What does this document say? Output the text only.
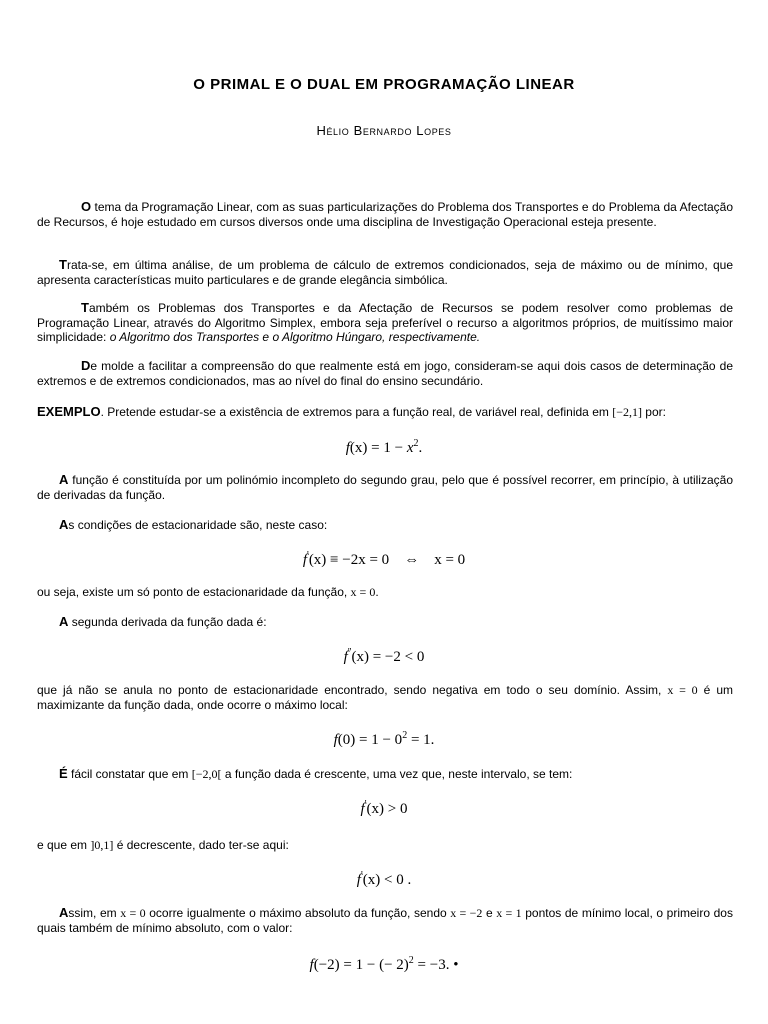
O PRIMAL E O DUAL EM PROGRAMAÇÃO LINEAR
Hélio Bernardo Lopes
O tema da Programação Linear, com as suas particularizações do Problema dos Transportes e do Problema da Afectação de Recursos, é hoje estudado em cursos diversos onde uma disciplina de Investigação Operacional esteja presente.
Trata-se, em última análise, de um problema de cálculo de extremos condicionados, seja de máximo ou de mínimo, que apresenta características muito particulares e de grande elegância simbólica.
Também os Problemas dos Transportes e da Afectação de Recursos se podem resolver como problemas de Programação Linear, através do Algoritmo Simplex, embora seja preferível o recurso a algoritmos próprios, de muitíssimo maior simplicidade: o Algoritmo dos Transportes e o Algoritmo Húngaro, respectivamente.
De molde a facilitar a compreensão do que realmente está em jogo, consideram-se aqui dois casos de determinação de extremos e de extremos condicionados, mas ao nível do final do ensino secundário.
EXEMPLO. Pretende estudar-se a existência de extremos para a função real, de variável real, definida em [−2,1] por:
$f(x) = 1 - x^2$.
A função é constituída por um polinómio incompleto do segundo grau, pelo que é possível recorrer, em princípio, à utilização de derivadas da função.
As condições de estacionaridade são, neste caso:
f'(x) ≡ −2x = 0 ⇔ x = 0
ou seja, existe um só ponto de estacionaridade da função, x = 0.
A segunda derivada da função dada é:
f''(x) = −2 < 0
que já não se anula no ponto de estacionaridade encontrado, sendo negativa em todo o seu domínio. Assim, x = 0 é um maximizante da função dada, onde ocorre o máximo local:
$f(0) = 1 - 0^2 = 1$.
É fácil constatar que em [−2,0[ a função dada é crescente, uma vez que, neste intervalo, se tem:
f'(x) > 0
e que em ]0,1] é decrescente, dado ter-se aqui:
f'(x) < 0 .
Assim, em x = 0 ocorre igualmente o máximo absoluto da função, sendo x = −2 e x = 1 pontos de mínimo local, o primeiro dos quais também de mínimo absoluto, com o valor:
f(−2) = 1 − (− 2)$^2$ = −3. •
